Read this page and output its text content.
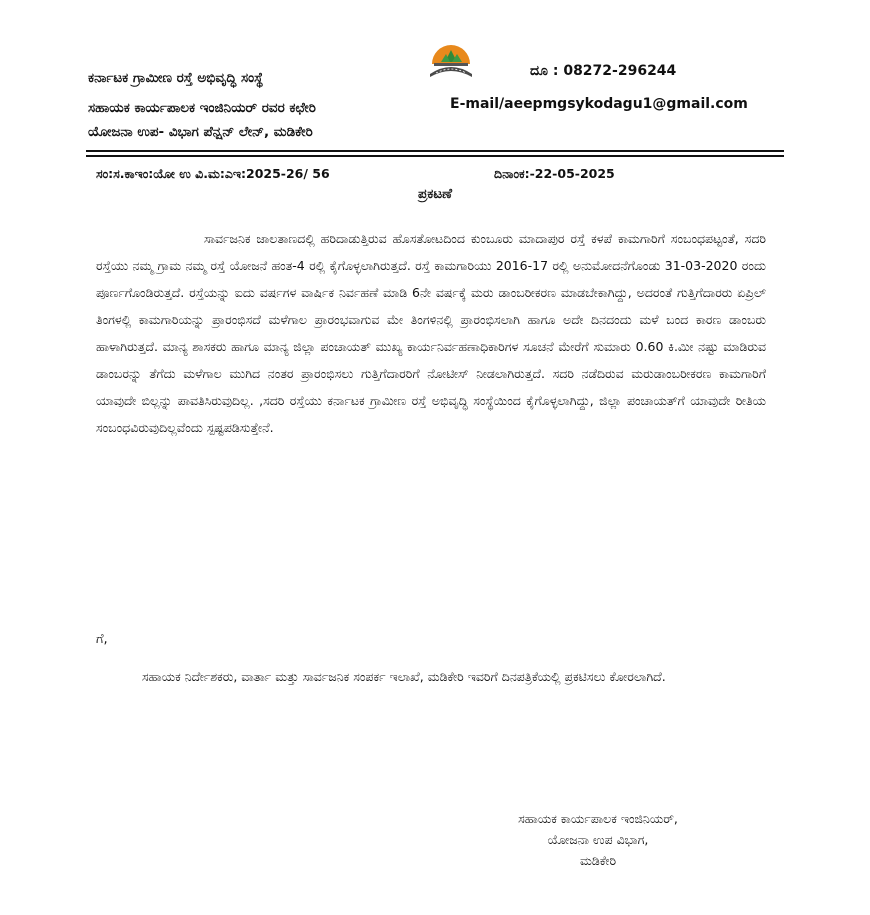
ಕರ್ನಾಟಕ ಗ್ರಾಮೀಣ ರಸ್ತೆ ಅಭಿವೃದ್ಧಿ ಸಂಸ್ಥೆ
ಸಹಾಯಕ ಕಾರ್ಯಪಾಲಕ ಇಂಜಿನಿಯರ್ ರವರ ಕಛೇರಿ
ಯೋಜನಾ ಉಪ- ವಿಭಾಗ ಪೆನ್ಷನ್ ಲೇನ್, ಮಡಿಕೇರಿ
ದೂ : 08272-296244
E-mail/aeepmgsykodagu1@gmail.com
ಸಂ:ಸ.ಕಾಇಂ:ಯೋ ಉ ವಿ.ಮ:ಎಇ:2025-26/ 56	ದಿನಾಂಕ:-22-05-2025
ಪ್ರಕಟಣೆ
ಸಾರ್ವಜನಿಕ ಜಾಲತಾಣದಲ್ಲಿ ಹರಿದಾಡುತ್ತಿರುವ ಹೊಸತೋಟದಿಂದ ಕುಂಬೂರು ಮಾದಾಪುರ ರಸ್ತೆ ಕಳಪೆ ಕಾಮಗಾರಿಗೆ ಸಂಬಂಧಪಟ್ಟಂತೆ, ಸದರಿ ರಸ್ತೆಯು ನಮ್ಮ ಗ್ರಾಮ ನಮ್ಮ ರಸ್ತೆ ಯೋಜನೆ ಹಂತ-4 ರಲ್ಲಿ ಕೈಗೊಳ್ಳಲಾಗಿರುತ್ತದೆ. ರಸ್ತೆ ಕಾಮಗಾರಿಯು 2016-17 ರಲ್ಲಿ ಅನುಮೋದನೆಗೊಂಡು 31-03-2020 ರಂದು ಪೂರ್ಣಗೊಂಡಿರುತ್ತದೆ. ರಸ್ತೆಯನ್ನು ಐದು ವರ್ಷಗಳ ವಾರ್ಷಿಕ ನಿರ್ವಹಣೆ ಮಾಡಿ 6ನೇ ವರ್ಷಕ್ಕೆ ಮರು ಡಾಂಬರೀಕರಣ ಮಾಡಬೇಕಾಗಿದ್ದು, ಅದರಂತೆ ಗುತ್ತಿಗೆದಾರರು ಏಪ್ರಿಲ್ ತಿಂಗಳಲ್ಲಿ ಕಾಮಗಾರಿಯನ್ನು ಪ್ರಾರಂಭಿಸದೆ ಮಳೆಗಾಲ ಪ್ರಾರಂಭವಾಗುವ ಮೇ ತಿಂಗಳಿನಲ್ಲಿ ಪ್ರಾರಂಭಿಸಲಾಗಿ ಹಾಗೂ ಅದೇ ದಿನದಂದು ಮಳೆ ಬಂದ ಕಾರಣ ಡಾಂಬರು ಹಾಳಾಗಿರುತ್ತದೆ. ಮಾನ್ಯ ಶಾಸಕರು ಹಾಗೂ ಮಾನ್ಯ ಜಿಲ್ಲಾ ಪಂಚಾಯತ್ ಮುಖ್ಯ ಕಾರ್ಯನಿರ್ವಹಣಾಧಿಕಾರಿಗಳ ಸೂಚನೆ ಮೇರೆಗೆ ಸುಮಾರು 0.60 ಕಿ.ಮೀ ನಷ್ಟು ಮಾಡಿರುವ ಡಾಂಬರನ್ನು ತೆಗೆದು ಮಳೆಗಾಲ ಮುಗಿದ ನಂತರ ಪ್ರಾರಂಭಿಸಲು ಗುತ್ತಿಗೆದಾರರಿಗೆ ನೋಟೀಸ್ ನೀಡಲಾಗಿರುತ್ತದೆ. ಸದರಿ ನಡೆದಿರುವ ಮರುಡಾಂಬರೀಕರಣ ಕಾಮಗಾರಿಗೆ ಯಾವುದೇ ಬಿಲ್ಲನ್ನು ಪಾವತಿಸಿರುವುದಿಲ್ಲ. ,ಸದರಿ ರಸ್ತೆಯು ಕರ್ನಾಟಕ ಗ್ರಾಮೀಣ ರಸ್ತೆ ಅಭಿವೃದ್ಧಿ ಸಂಸ್ಥೆಯಿಂದ ಕೈಗೊಳ್ಳಲಾಗಿದ್ದು, ಜಿಲ್ಲಾ ಪಂಚಾಯತ್‌ಗೆ ಯಾವುದೇ ರೀತಿಯ ಸಂಬಂಧವಿರುವುದಿಲ್ಲವೆಂದು ಸ್ಪಷ್ಟಪಡಿಸುತ್ತೇನೆ.
ಗೆ,
ಸಹಾಯಕ ನಿರ್ದೇಶಕರು, ವಾರ್ತಾ ಮತ್ತು ಸಾರ್ವಜನಿಕ ಸಂಪರ್ಕ ಇಲಾಖೆ, ಮಡಿಕೇರಿ ಇವರಿಗೆ ದಿನಪತ್ರಿಕೆಯಲ್ಲಿ ಪ್ರಕಟಿಸಲು ಕೋರಲಾಗಿದೆ.
ಸಹಾಯಕ ಕಾರ್ಯಪಾಲಕ ಇಂಜಿನಿಯರ್,
ಯೋಜನಾ ಉಪ ವಿಭಾಗ,
ಮಡಿಕೇರಿ
